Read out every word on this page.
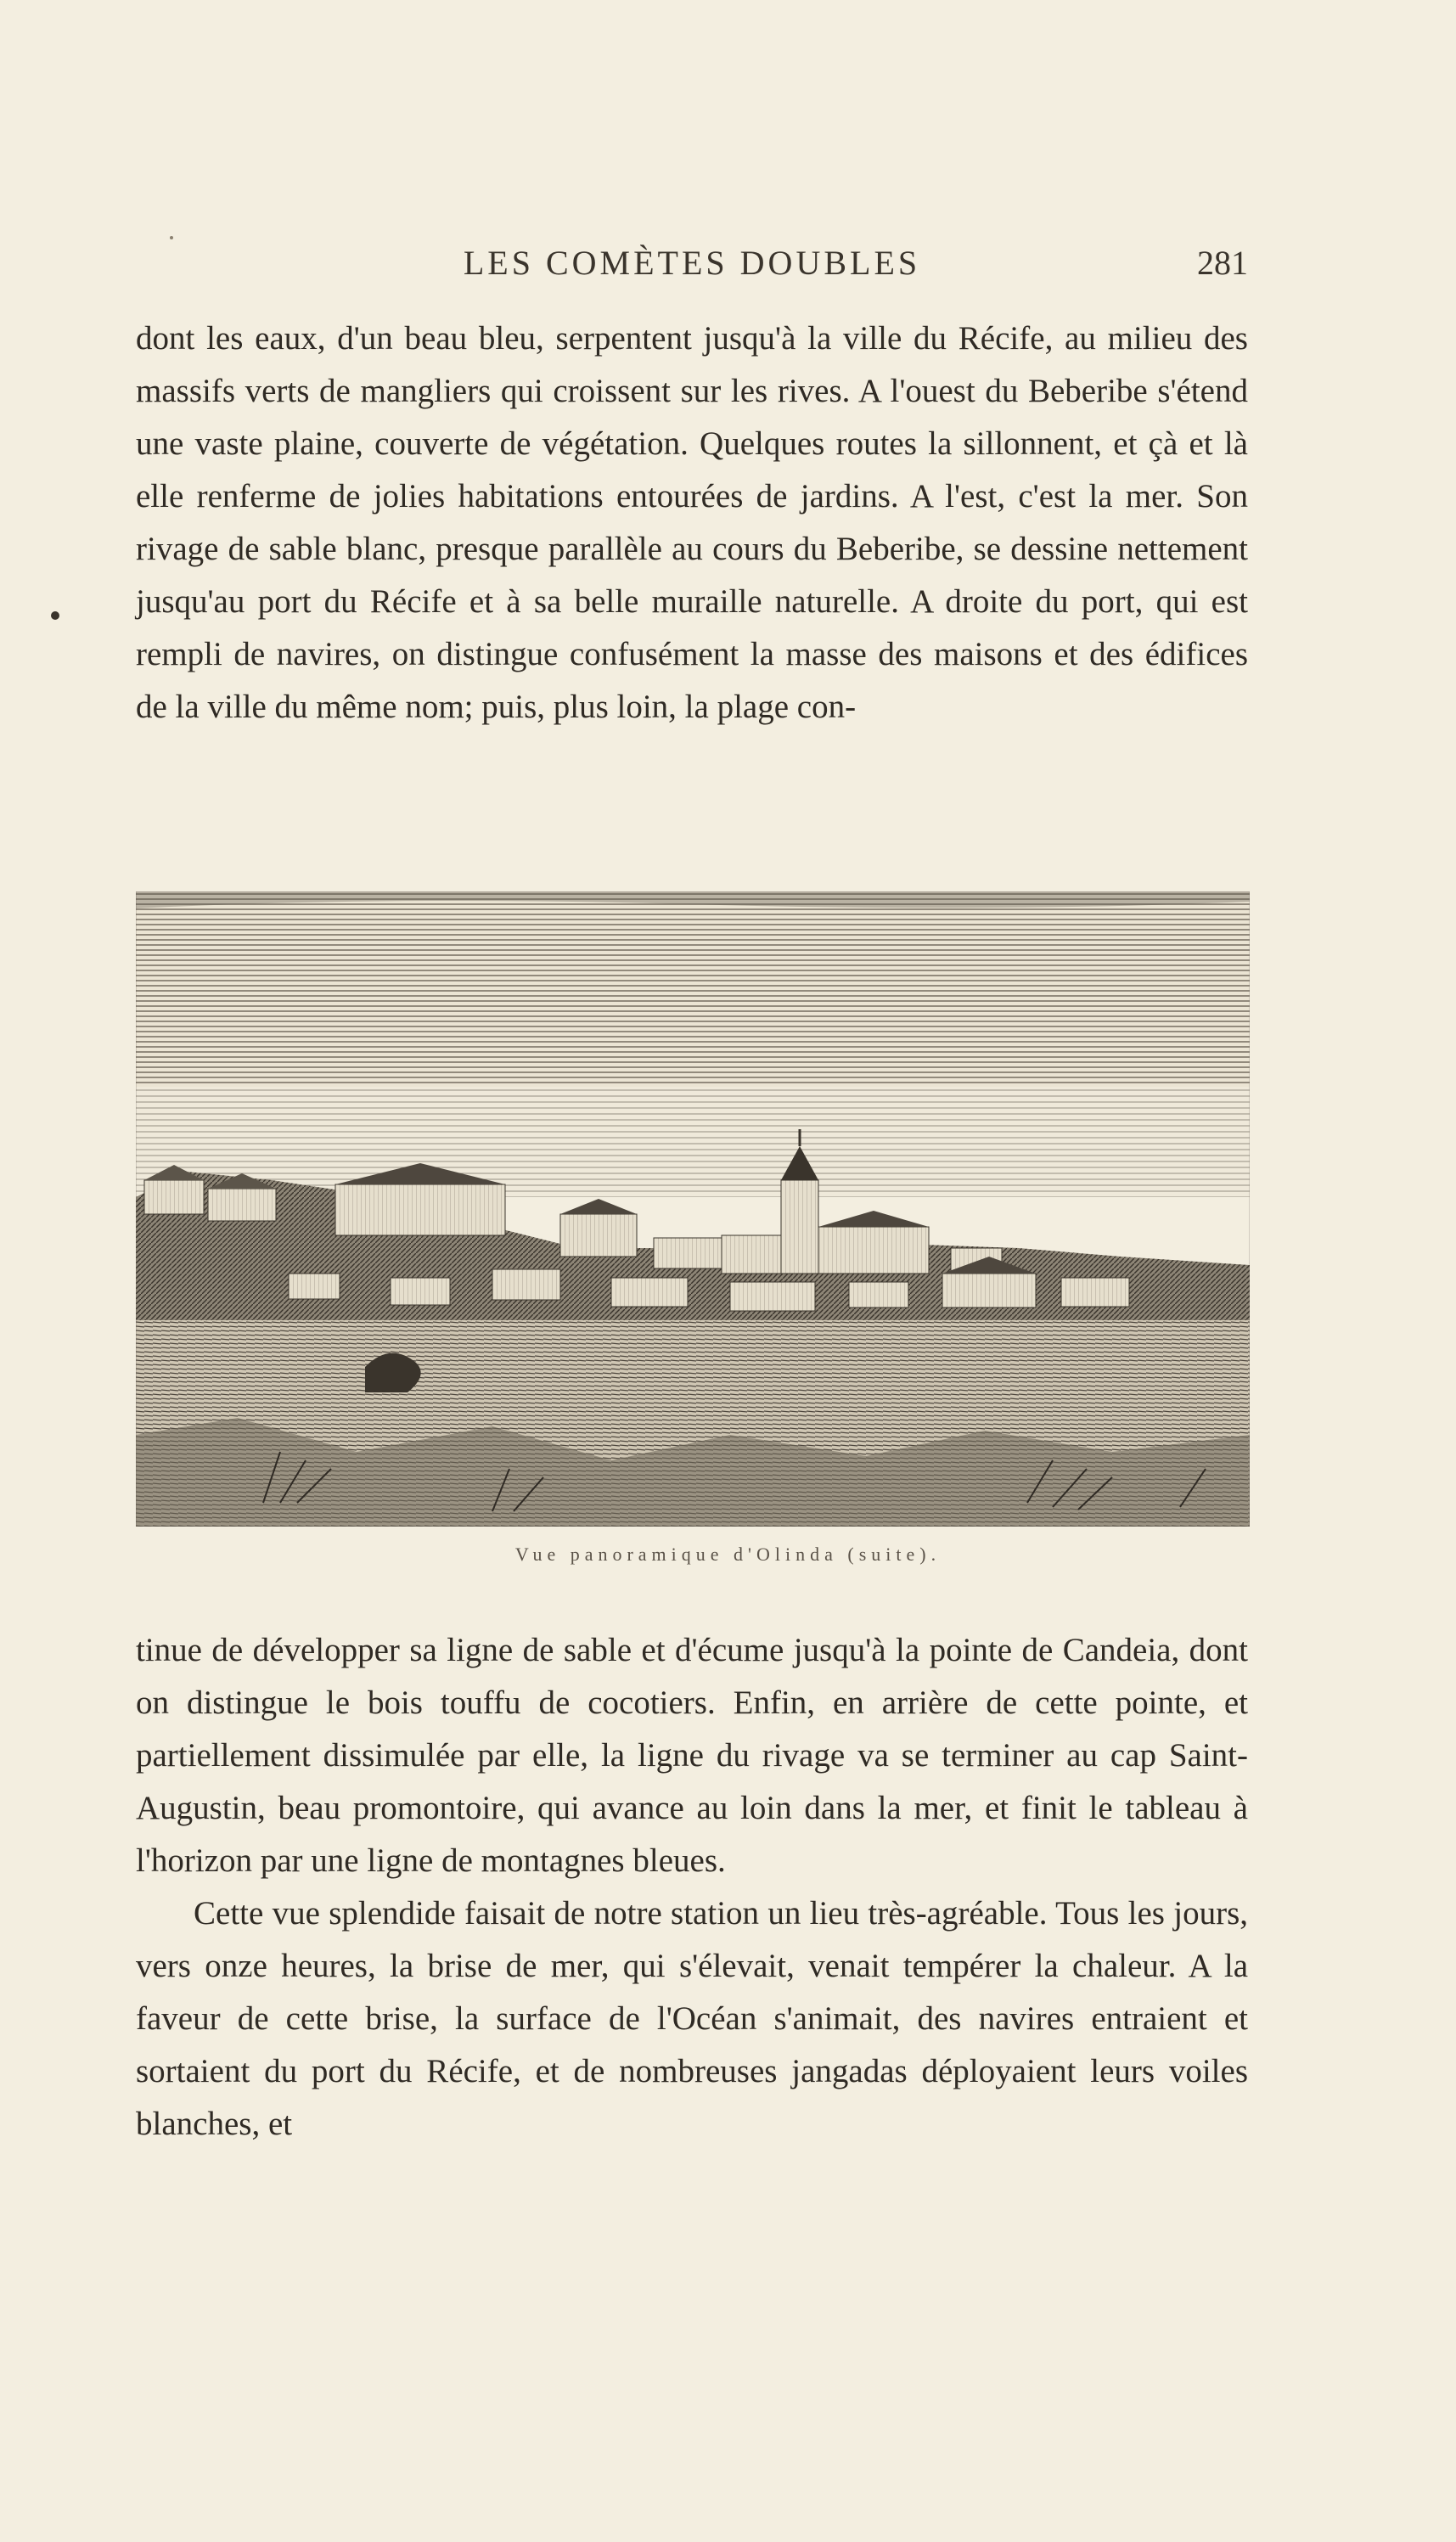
LES COMÈTES DOUBLES	281

dont les eaux, d'un beau bleu, serpentent jusqu'à la ville du Récife, au milieu des massifs verts de mangliers qui croissent sur les rives. A l'ouest du Beberibe s'étend une vaste plaine, couverte de végétation. Quelques routes la sillonnent, et çà et là elle renferme de jolies habitations entourées de jardins. A l'est, c'est la mer. Son rivage de sable blanc, presque parallèle au cours du Beberibe, se dessine nettement jusqu'au port du Récife et à sa belle muraille naturelle. A droite du port, qui est rempli de navires, on distingue confusément la masse des maisons et des édifices de la ville du même nom; puis, plus loin, la plage con-

Vue panoramique d'Olinda (suite).

tinue de développer sa ligne de sable et d'écume jusqu'à la pointe de Candeia, dont on distingue le bois touffu de cocotiers. Enfin, en arrière de cette pointe, et partiellement dissimulée par elle, la ligne du rivage va se terminer au cap Saint-Augustin, beau promontoire, qui avance au loin dans la mer, et finit le tableau à l'horizon par une ligne de montagnes bleues.

Cette vue splendide faisait de notre station un lieu très-agréable. Tous les jours, vers onze heures, la brise de mer, qui s'élevait, venait tempérer la chaleur. A la faveur de cette brise, la surface de l'Océan s'animait, des navires entraient et sortaient du port du Récife, et de nombreuses jangadas déployaient leurs voiles blanches, et
